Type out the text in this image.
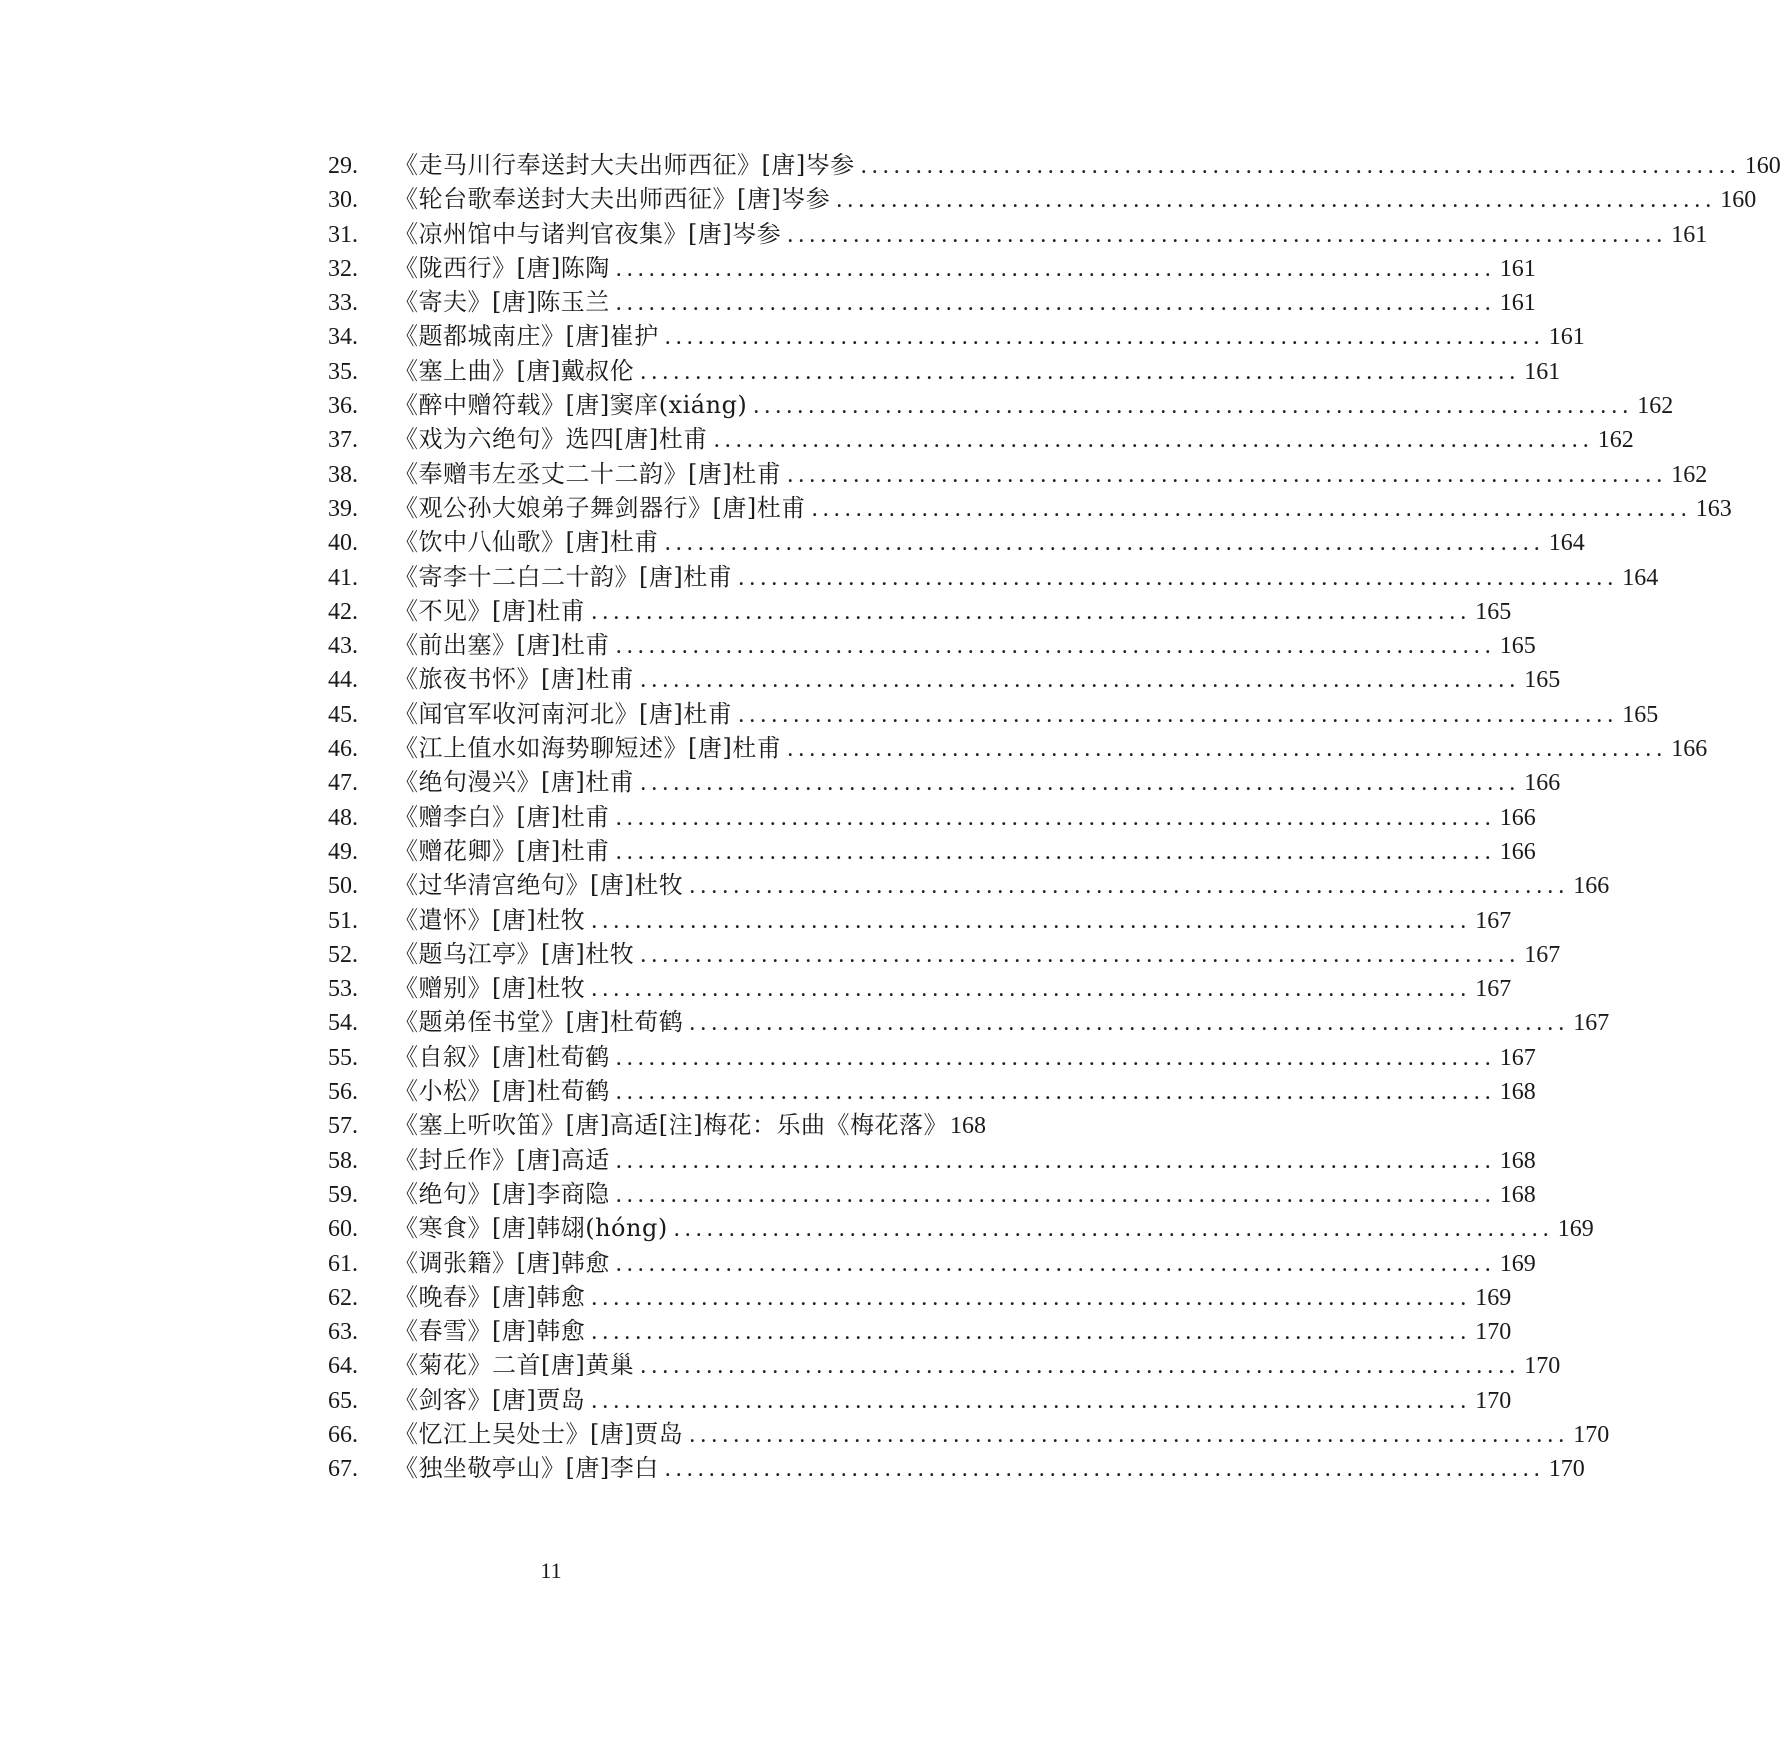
29.	《走马川行奉送封大夫出师西征》[唐]岑参 ................................................................................ 160
30.	《轮台歌奉送封大夫出师西征》[唐]岑参 ................................................................................ 160
31.	《凉州馆中与诸判官夜集》[唐]岑参 ................................................................................ 161
32.	《陇西行》[唐]陈陶 ................................................................................ 161
33.	《寄夫》[唐]陈玉兰 ................................................................................ 161
34.	《题都城南庄》[唐]崔护 ................................................................................ 161
35.	《塞上曲》[唐]戴叔伦 ................................................................................ 161
36.	《醉中赠符载》[唐]窦庠(xiáng) ................................................................................ 162
37.	《戏为六绝句》选四[唐]杜甫 ................................................................................ 162
38.	《奉赠韦左丞丈二十二韵》[唐]杜甫 ................................................................................ 162
39.	《观公孙大娘弟子舞剑器行》[唐]杜甫 ................................................................................ 163
40.	《饮中八仙歌》[唐]杜甫 ................................................................................ 164
41.	《寄李十二白二十韵》[唐]杜甫 ................................................................................ 164
42.	《不见》[唐]杜甫 ................................................................................ 165
43.	《前出塞》[唐]杜甫 ................................................................................ 165
44.	《旅夜书怀》[唐]杜甫 ................................................................................ 165
45.	《闻官军收河南河北》[唐]杜甫 ................................................................................ 165
46.	《江上值水如海势聊短述》[唐]杜甫 ................................................................................ 166
47.	《绝句漫兴》[唐]杜甫 ................................................................................ 166
48.	《赠李白》[唐]杜甫 ................................................................................ 166
49.	《赠花卿》[唐]杜甫 ................................................................................ 166
50.	《过华清宫绝句》[唐]杜牧 ................................................................................ 166
51.	《遣怀》[唐]杜牧 ................................................................................ 167
52.	《题乌江亭》[唐]杜牧 ................................................................................ 167
53.	《赠别》[唐]杜牧 ................................................................................ 167
54.	《题弟侄书堂》[唐]杜荀鹤 ................................................................................ 167
55.	《自叙》[唐]杜荀鹤 ................................................................................ 167
56.	《小松》[唐]杜荀鹤 ................................................................................ 168
57.	《塞上听吹笛》[唐]高适[注]梅花：乐曲《梅花落》 168
58.	《封丘作》[唐]高适 ................................................................................ 168
59.	《绝句》[唐]李商隐 ................................................................................ 168
60.	《寒食》[唐]韩翃(hóng) ................................................................................ 169
61.	《调张籍》[唐]韩愈 ................................................................................ 169
62.	《晚春》[唐]韩愈 ................................................................................ 169
63.	《春雪》[唐]韩愈 ................................................................................ 170
64.	《菊花》二首[唐]黄巢 ................................................................................ 170
65.	《剑客》[唐]贾岛 ................................................................................ 170
66.	《忆江上吴处士》[唐]贾岛 ................................................................................ 170
67.	《独坐敬亭山》[唐]李白 ................................................................................ 170
11
